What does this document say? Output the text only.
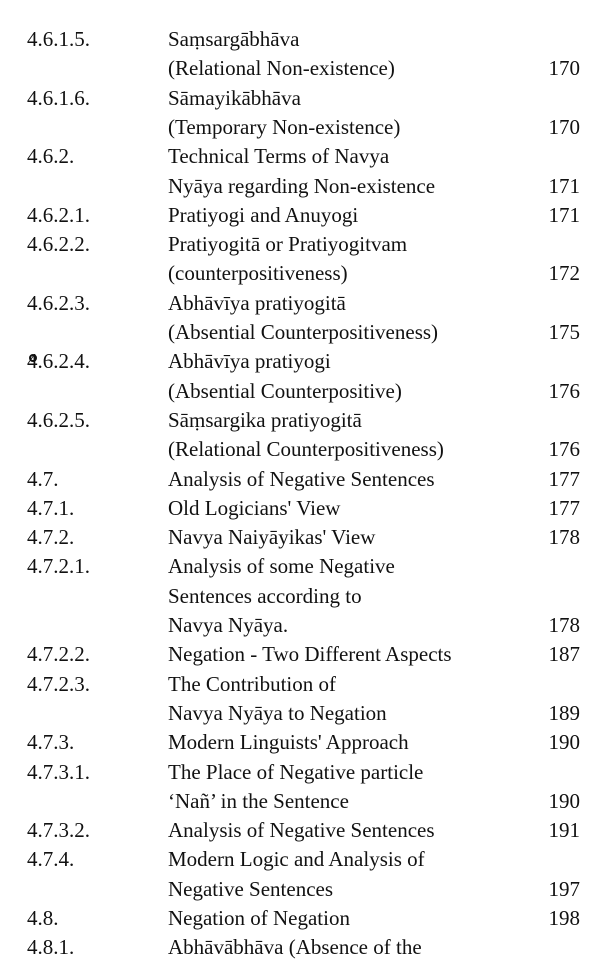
4.6.1.5.	Saṃsargābhāva
(Relational Non-existence)	170
4.6.1.6.	Sāmayikābhāva
(Temporary Non-existence)	170
4.6.2.	Technical Terms of Navya
Nyāya regarding Non-existence	171
4.6.2.1.	Pratiyogi and Anuyogi	171
4.6.2.2.	Pratiyogitā or Pratiyogitvam
(counterpositiveness)	172
4.6.2.3.	Abhāvīya pratiyogitā
(Absential Counterpositiveness)	175
4.6.2.4.	Abhāvīya pratiyogi
(Absential Counterpositive)	176
4.6.2.5.	Sāṃsargika pratiyogitā
(Relational Counterpositiveness)	176
4.7.	Analysis of Negative Sentences	177
4.7.1.	Old Logicians' View	177
4.7.2.	Navya Naiyāyikas' View	178
4.7.2.1.	Analysis of some Negative
Sentences according to
Navya Nyāya.	178
4.7.2.2.	Negation - Two Different Aspects	187
4.7.2.3.	The Contribution of
Navya Nyāya to Negation	189
4.7.3.	Modern Linguists' Approach	190
4.7.3.1.	The Place of Negative particle
‘Nañ’ in the Sentence	190
4.7.3.2.	Analysis of Negative Sentences	191
4.7.4.	Modern Logic and Analysis of
Negative Sentences	197
4.8.	Negation of Negation	198
4.8.1.	Abhāvābhāva (Absence of the
